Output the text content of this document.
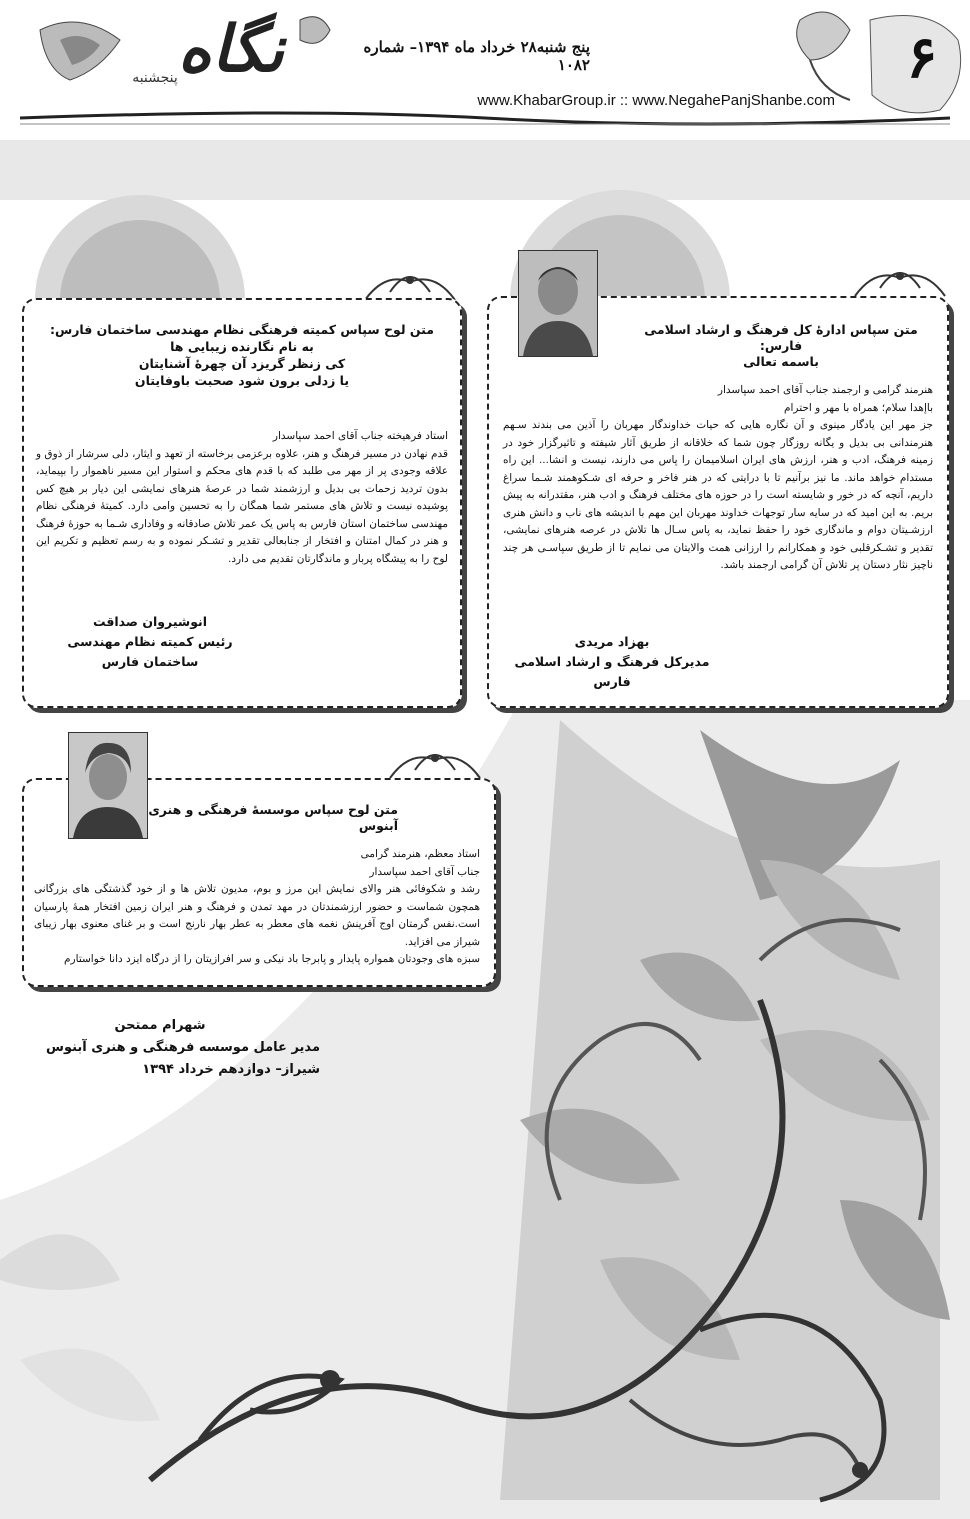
۶
پنج شنبه۲۸ خرداد ماه ۱۳۹۴– شماره ۱۰۸۲
www.KhabarGroup.ir :: www.NegahePanjShanbe.com
نگاه
پنجشنبه
متن سپاس ادارۀ کل فرهنگ و ارشاد اسلامی فارس:
باسمه تعالی

هنرمند گرامی و ارجمند جناب آقای احمد سپاسدار

باإهدا سلام؛ همراه با مهر و احترام

جز مهر این یادگار مینوی و آن نگاره هایی که حیات خداوندگار مهربان را آذین می بندند سـهم هنرمندانی بی بدیل و یگانه روزگار چون شما که خلاقانه از طریق آثار شیفته و تاثیرگزار خود در زمینه فرهنگ، ادب و هنر، ارزش های ایران اسلامیمان را پاس می دارند، نیست و انشا... این راه مستدام خواهد ماند. ما نیز برآنیم تا با درایتی که در هنر فاخر و حرفه ای شـکوهمند شـما سراغ داریم، آنچه که در خور و شایسته است را در حوزه های مختلف فرهنگ و ادب هنر، مقتدرانه به پیش بریم. به این امید که در سایه سار توجهات خداوند مهربان این مهم با اندیشه های ناب و دانش هنری ارزشـیتان دوام و ماندگاری خود را حفظ نماید، به پاس سـال ها تلاش در عرصه هنرهای نمایشی، تقدیر و تشـکرقلبی خود و همکارانم را ارزانی همت والایتان می نمایم تا از طریق سپاسـی هر چند ناچیز نثار دستان پر تلاش آن گرامی ارجمند باشد.

بهزاد مریدی
مدیرکل فرهنگ و ارشاد اسلامی فارس
متن لوح سپاس کمیته فرهنگی نظام مهندسی ساختمان فارس:
به نام نگارنده زیبایی ها
کی زنظر گریزد آن چهرۀ آشنایتان
یا زدلی برون شود صحبت باوفایتان

استاد فرهیخته جناب آقای احمد سپاسدار

قدم نهادن در مسیر فرهنگ و هنر، علاوه برعزمی برخاسته از تعهد و ایثار، دلی سرشار از ذوق و علاقه وجودی پر از مهر می طلبد که با قدم های محکم و استوار این مسیر ناهموار را بپیماید، بدون تردید زحمات بی بدیل و ارزشمند شما در عرصۀ هنرهای نمایشی این دیار بر هیچ کس پوشیده نیست و تلاش های مستمر شما همگان را به تحسین وامی دارد. کمیتۀ فرهنگی نظام مهندسی ساختمان استان فارس به پاس یک عمر تلاش صادقانه و وفاداری شـما به حوزۀ فرهنگ و هنر در کمال امتنان و افتخار از جنابعالی تقدیر و تشـکر نموده و به رسم تعظیم و تکریم این لوح را به پیشگاه پربار و ماندگارتان تقدیم می دارد.

انوشیروان صداقت
رئیس کمیته نظام مهندسی ساختمان فارس
متن لوح سپاس موسسۀ فرهنگی و هنری آبنوس

استاد معظم، هنرمند گرامی

جناب آقای احمد سپاسدار

رشد و شکوفائی هنر والای نمایش این مرز و بوم، مدیون تلاش ها و از خود گذشتگی های بزرگانی همچون شماست و حضور ارزشمندتان در مهد تمدن و فرهنگ و هنر ایران زمین افتخار همۀ پارسیان است.نفس گرمتان اوج آفرینش نغمه های معطر به عطر بهار نارنج است و بر غنای معنوی بهار زیبای شیراز می افزاید.

سبزه های وجودتان همواره پایدار و پابرجا باد نیکی و سر افرازیتان را از درگاه ایزد دانا خواستارم

شهرام ممتحن
مدیر عامل موسسه فرهنگی و هنری آبنوس
شیراز– دوازدهم خرداد ۱۳۹۴
